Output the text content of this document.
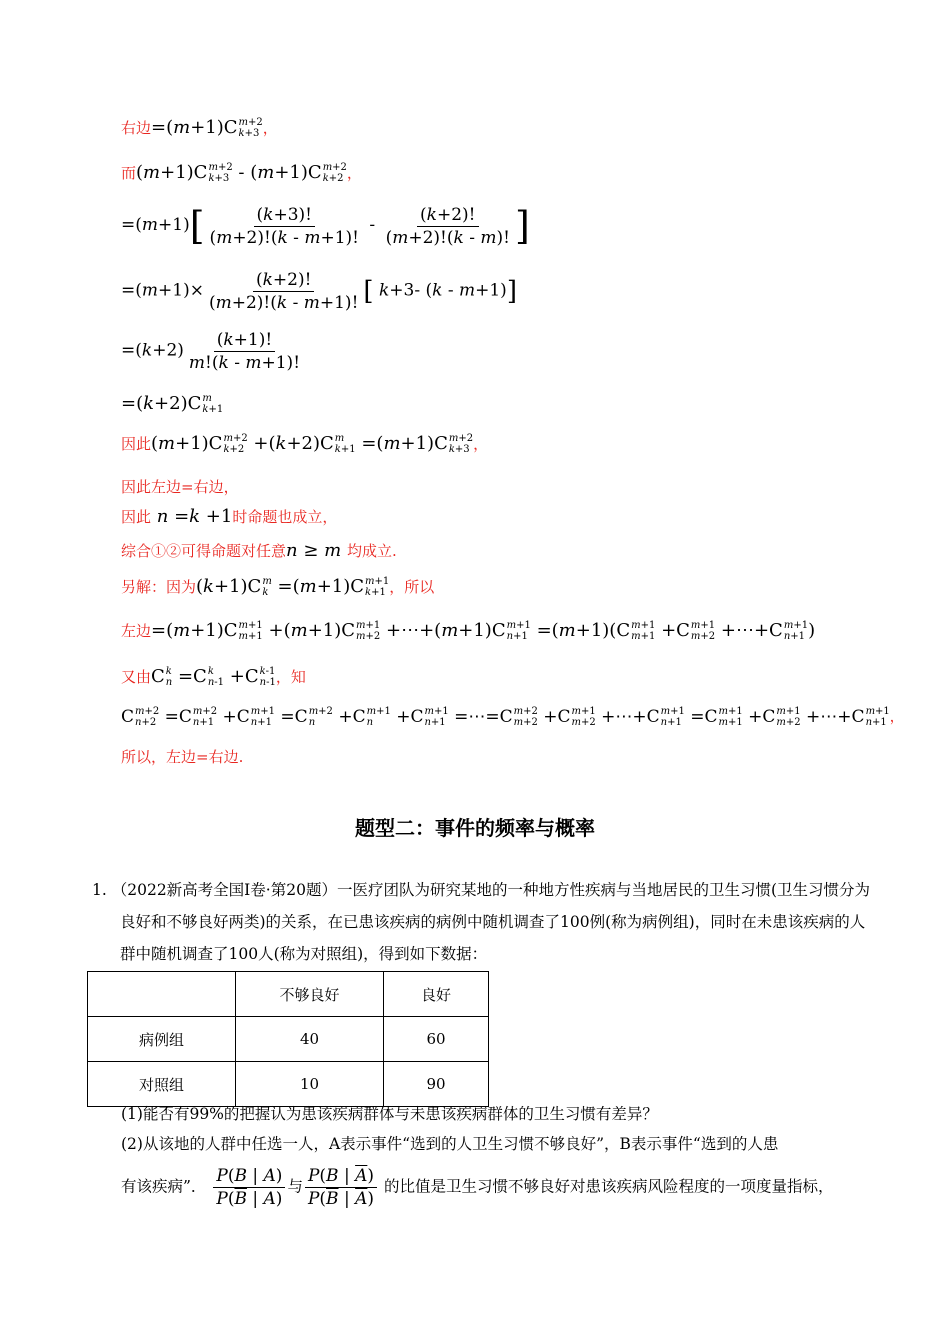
右边=(m+1)C m+2
k+3 ，
而(m+1)C m+2
k+3 - (m+1)C m+2
k+2 ，
$=(m+1)[ \frac{(k+3)!}{(m+2)!(k - m+1)!} - \frac{(k+2)!}{(m+2)!(k - m)!}$ ]
$=(m+1)\times \frac{(k+2)!}{(m+2)!(k - m+1)!}$ [ k+3- (k - m+1)]
$=(k+2) \frac{(k+1)!}{m!(k - m+1)!}$
=(k+2)C m
k+1
因此(m+1)C m+2
k+2 +(k+2)C m
k+1 =(m+1)C m+2
k+3 ，
因此左边=右边，
因此 n =k +1时命题也成立，
综合①②可得命题对任意n ≥ m 均成立.
另解：因为(k+1)C m
k =(m+1)C m+1
k+1 ，所以
左边=(m+1)C m+1
m+1 +(m+1)C m+1
m+2 +⋯+(m+1)C m+1
n+1 =(m+1)(C m+1
m+1 +C m+1
m+2 +⋯+C m+1
n+1 )
又由C k
n =C k
n-1 +C k-1
n-1 ，知
C m+2
n+2 =C m+2
n+1 +C m+1
n+1 =C m+2
n	+C m+1
n	+C m+1
n+1 =⋯=C m+2
m+2 +C m+1
m+2 +⋯+C m+1
n+1 =C m+1
m+1 +C m+1
m+2 +⋯+C m+1
n+1 ，
所以，左边=右边.
题型二：事件的频率与概率
1. （2022新高考全国Ⅰ卷·第20题）一医疗团队为研究某地的一种地方性疾病与当地居民的卫生习惯(卫生习惯分为良好和不够良好两类)的关系，在已患该疾病的病例中随机调查了100例(称为病例组)，同时在未患该疾病的人群中随机调查了100人(称为对照组)，得到如下数据：
	不够良好	良好
病例组	40	60
对照组	10	90
(1)能否有99%的把握认为患该疾病群体与未患该疾病群体的卫生习惯有差异？
(2)从该地的人群中任选一人，A表示事件“选到的人卫生习惯不够良好”，B表示事件“选到的人患
有该疾病”． $\frac{P(B | A)}{P(\overline{B} | A)}$ 与 $\frac{P(B | \overline{A})}{P(\overline{B} | \overline{A})}$ 的比值是卫生习惯不够良好对患该疾病风险程度的一项度量指标，
